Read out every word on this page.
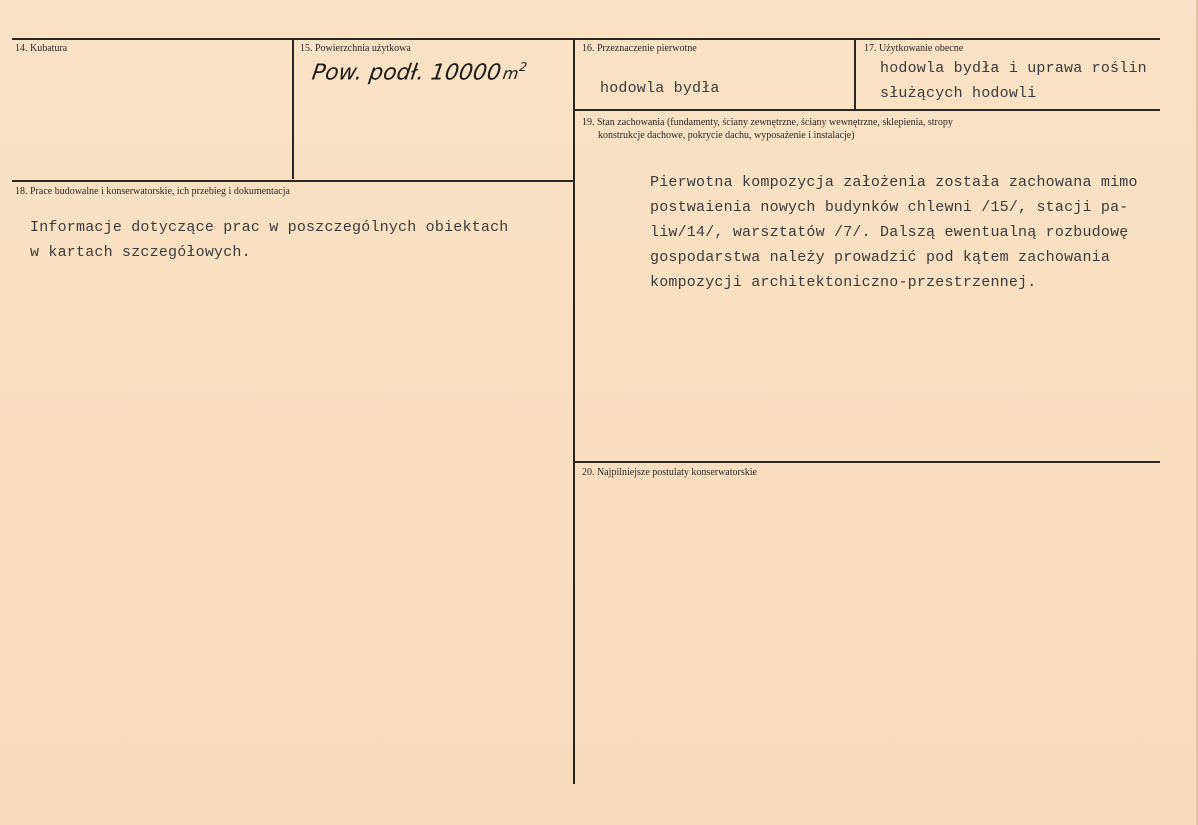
14. Kubatura	15. Powierzchnia użytkowa
Pow. podł. $10000m^2$
16. Przeznaczenie pierwotne
hodowla bydła
17. Użytkowanie obecne
hodowla bydła i uprawa roślin
służących hodowli
18. Prace budowalne i konserwatorskie, ich przebieg i dokumentacja
Informacje dotyczące prac w poszczególnych obiektach
w kartach szczegółowych.
19. Stan zachowania (fundamenty, ściany zewnętrzne, ściany wewnętrzne, sklepienia, stropy
konstrukcje dachowe, pokrycie dachu, wyposażenie i instalacje)
Pierwotna kompozycja założenia została zachowana mimo
postwaienia nowych budynków chlewni /15/, stacji pa-
liw/14/, warsztatów /7/. Dalszą ewentualną rozbudowę
gospodarstwa należy prowadzić pod kątem zachowania
kompozycji architektoniczno-przestrzennej.
20. Najpilniejsze postulaty konserwatorskie
